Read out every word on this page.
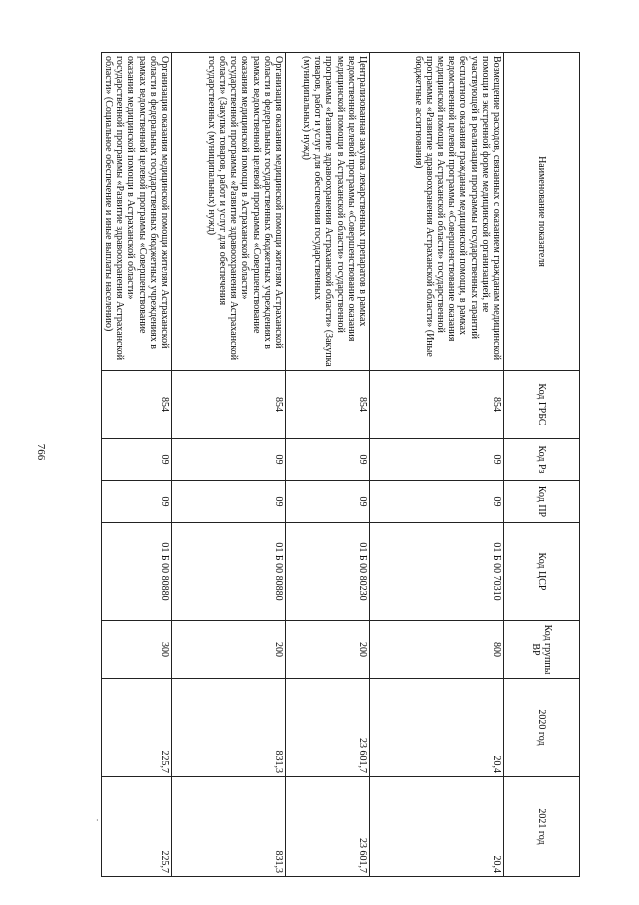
766
·
Наименование показателя	Код ГРБС	Код Рз	Код ПР	Код ЦСР	Код группы ВР	2020 год	2021 год
Возмещение расходов, связанных с оказанием гражданам медицинской помощи в экстренной форме медицинской организацией, не участвующей в реализации программы государственных гарантий бесплатного оказания гражданам медицинской помощи, в рамках ведомственной целевой программы «Совершенствование оказания медицинской помощи в Астраханской области» государственной программы «Развитие здравоохранения Астраханской области» (Иные бюджетные ассигнования)	854	09	09	01 Б 00 70310	800	20,4	20,4
Централизованная закупка лекарственных препаратов в рамках ведомственной целевой программы «Совершенствование оказания медицинской помощи в Астраханской области» государственной программы «Развитие здравоохранения Астраханской области» (Закупка товаров, работ и услуг для обеспечения государственных (муниципальных) нужд)	854	09	09	01 Б 00 80230	200	23 601,7	23 601,7
Организация оказания медицинской помощи жителям Астраханской области в федеральных государственных бюджетных учреждениях в рамках ведомственной целевой программы «Совершенствование оказания медицинской помощи в Астраханской области» государственной программы «Развитие здравоохранения Астраханской области» (Закупка товаров, работ и услуг для обеспечения государственных (муниципальных) нужд)	854	09	09	01 Б 00 80880	200	831,3	831,3
Организация оказания медицинской помощи жителям Астраханской области в федеральных государственных бюджетных учреждениях в рамках ведомственной целевой программы «Совершенствование оказания медицинской помощи в Астраханской области» государственной программы «Развитие здравоохранения Астраханской области» (Социальное обеспечение и иные выплаты населению)	854	09	09	01 Б 00 80880	300	225,7	225,7
